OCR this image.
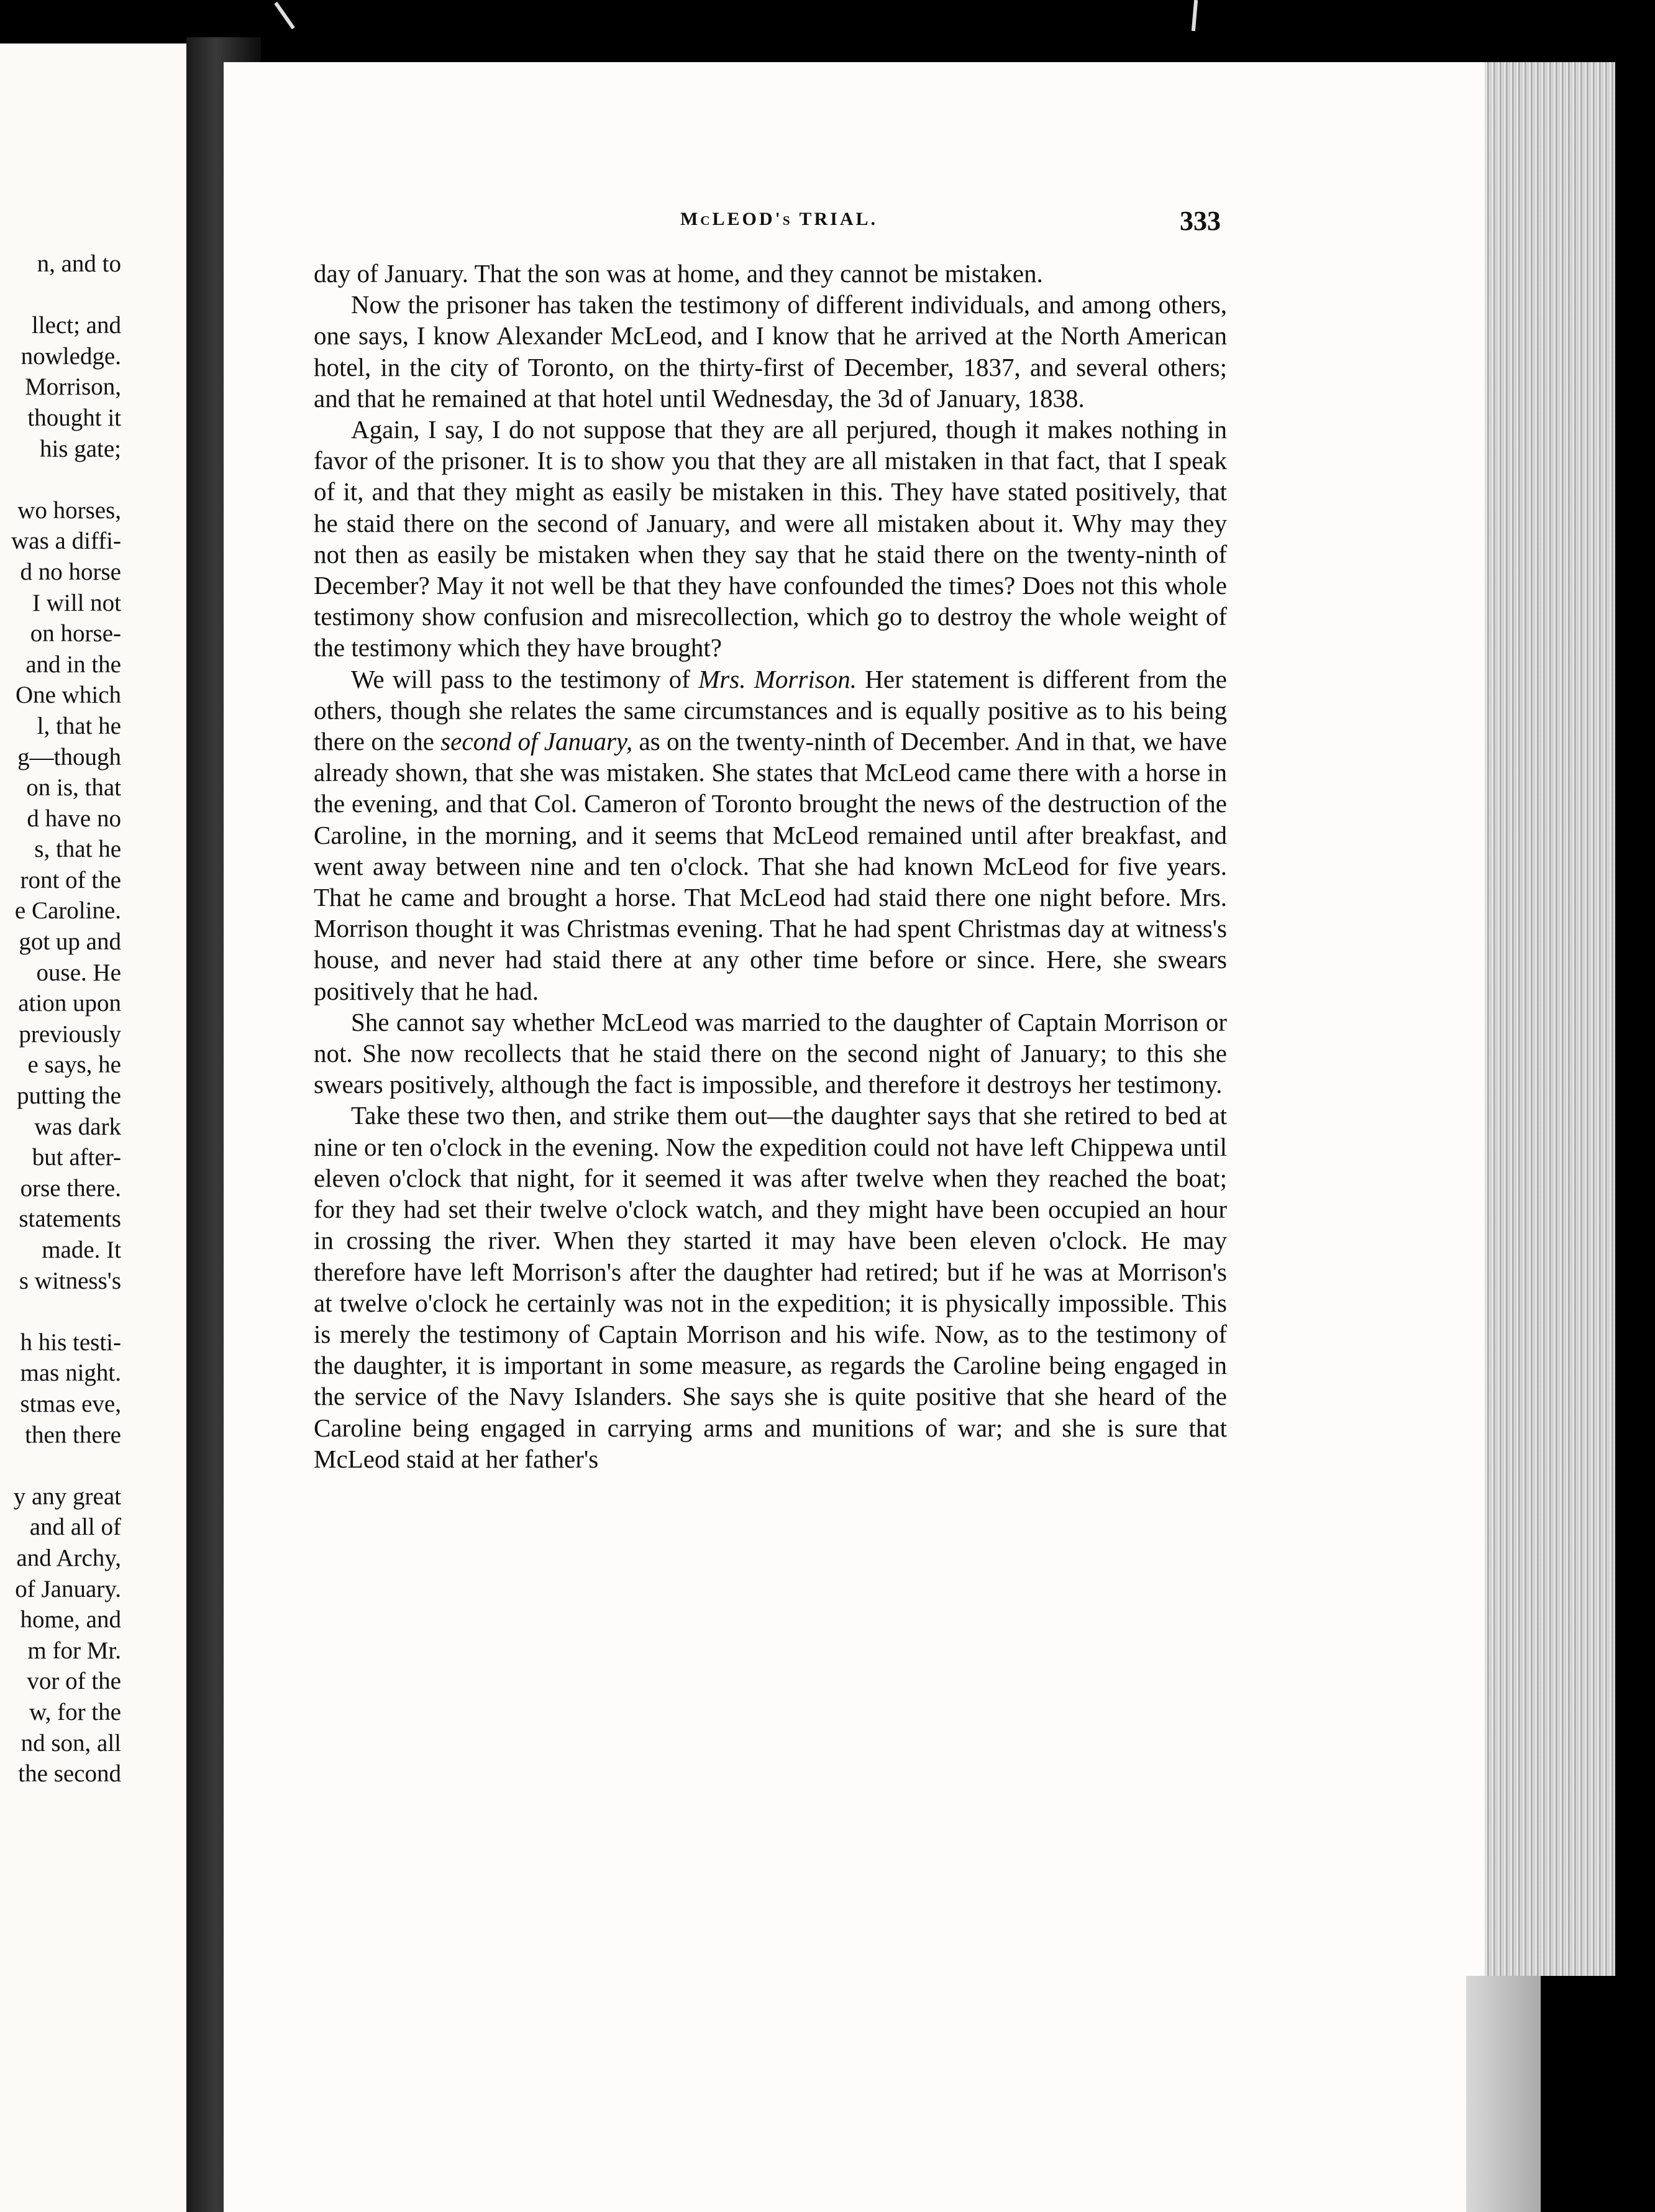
n, and to
llect; and
nowledge.
Morrison,
thought it
his gate;
wo horses,
was a diffi-
d no horse
I will not
on horse-
and in the
One which
l, that he
g—though
on is, that
d have no
s, that he
ront of the
e Caroline.
got up and
ouse. He
ation upon
previously
e says, he
putting the
was dark
but after-
orse there.
statements
made. It
s witness's
h his testi-
mas night.
stmas eve,
then there
y any great
and all of
and Archy,
of January.
home, and
m for Mr.
vor of the
w, for the
nd son, all
the second
McLEOD's TRIAL.	333

day of January. That the son was at home, and they cannot be mistaken.

Now the prisoner has taken the testimony of different individuals, and among others, one says, I know Alexander McLeod, and I know that he arrived at the North American hotel, in the city of Toronto, on the thirty-first of December, 1837, and several others; and that he remained at that hotel until Wednesday, the 3d of January, 1838.

Again, I say, I do not suppose that they are all perjured, though it makes nothing in favor of the prisoner. It is to show you that they are all mistaken in that fact, that I speak of it, and that they might as easily be mistaken in this. They have stated positively, that he staid there on the second of January, and were all mistaken about it. Why may they not then as easily be mistaken when they say that he staid there on the twenty-ninth of December? May it not well be that they have confounded the times? Does not this whole testimony show confusion and misrecollection, which go to destroy the whole weight of the testimony which they have brought?

We will pass to the testimony of Mrs. Morrison. Her statement is different from the others, though she relates the same circumstances and is equally positive as to his being there on the second of January, as on the twenty-ninth of December. And in that, we have already shown, that she was mistaken. She states that McLeod came there with a horse in the evening, and that Col. Cameron of Toronto brought the news of the destruction of the Caroline, in the morning, and it seems that McLeod remained until after breakfast, and went away between nine and ten o'clock. That she had known McLeod for five years. That he came and brought a horse. That McLeod had staid there one night before. Mrs. Morrison thought it was Christmas evening. That he had spent Christmas day at witness's house, and never had staid there at any other time before or since. Here, she swears positively that he had.

She cannot say whether McLeod was married to the daughter of Captain Morrison or not. She now recollects that he staid there on the second night of January; to this she swears positively, although the fact is impossible, and therefore it destroys her testimony.

Take these two then, and strike them out—the daughter says that she retired to bed at nine or ten o'clock in the evening. Now the expedition could not have left Chippewa until eleven o'clock that night, for it seemed it was after twelve when they reached the boat; for they had set their twelve o'clock watch, and they might have been occupied an hour in crossing the river. When they started it may have been eleven o'clock. He may therefore have left Morrison's after the daughter had retired; but if he was at Morrison's at twelve o'clock he certainly was not in the expedition; it is physically impossible. This is merely the testimony of Captain Morrison and his wife. Now, as to the testimony of the daughter, it is important in some measure, as regards the Caroline being engaged in the service of the Navy Islanders. She says she is quite positive that she heard of the Caroline being engaged in carrying arms and munitions of war; and she is sure that McLeod staid at her father's
